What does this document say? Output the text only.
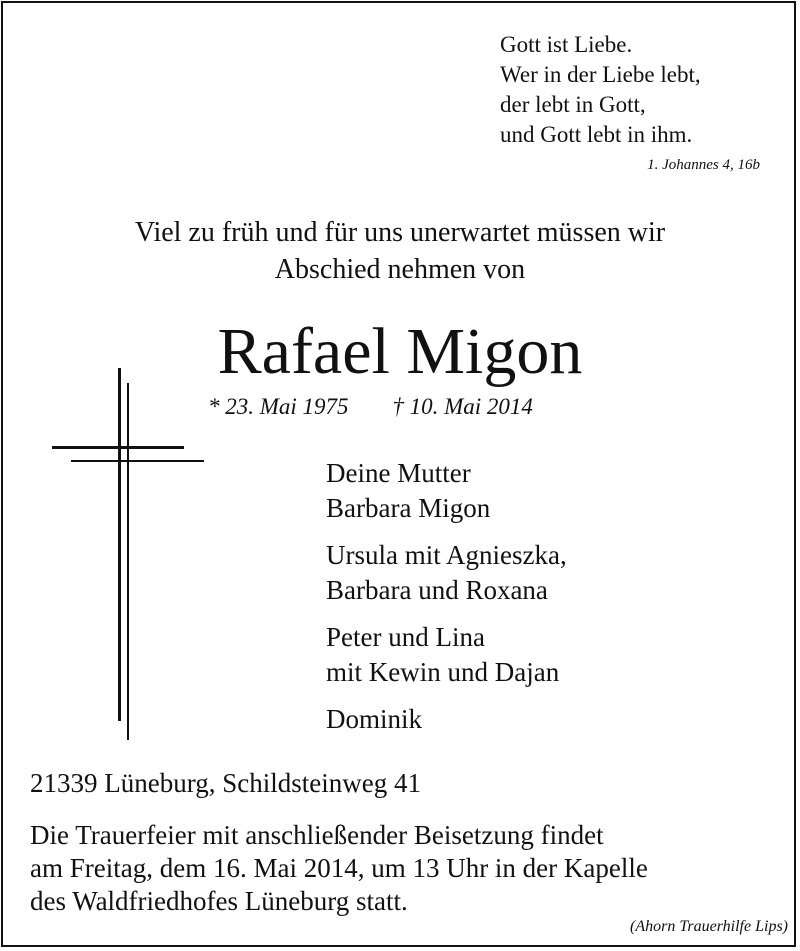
Gott ist Liebe.
Wer in der Liebe lebt,
der lebt in Gott,
und Gott lebt in ihm.
1. Johannes 4, 16b
Viel zu früh und für uns unerwartet müssen wir
Abschied nehmen von
Rafael Migon
* 23. Mai 1975 † 10. Mai 2014
Deine Mutter
Barbara Migon
Ursula mit Agnieszka,
Barbara und Roxana
Peter und Lina
mit Kewin und Dajan
Dominik
21339 Lüneburg, Schildsteinweg 41
Die Trauerfeier mit anschließender Beisetzung findet
am Freitag, dem 16. Mai 2014, um 13 Uhr in der Kapelle
des Waldfriedhofes Lüneburg statt.
(Ahorn Trauerhilfe Lips)
